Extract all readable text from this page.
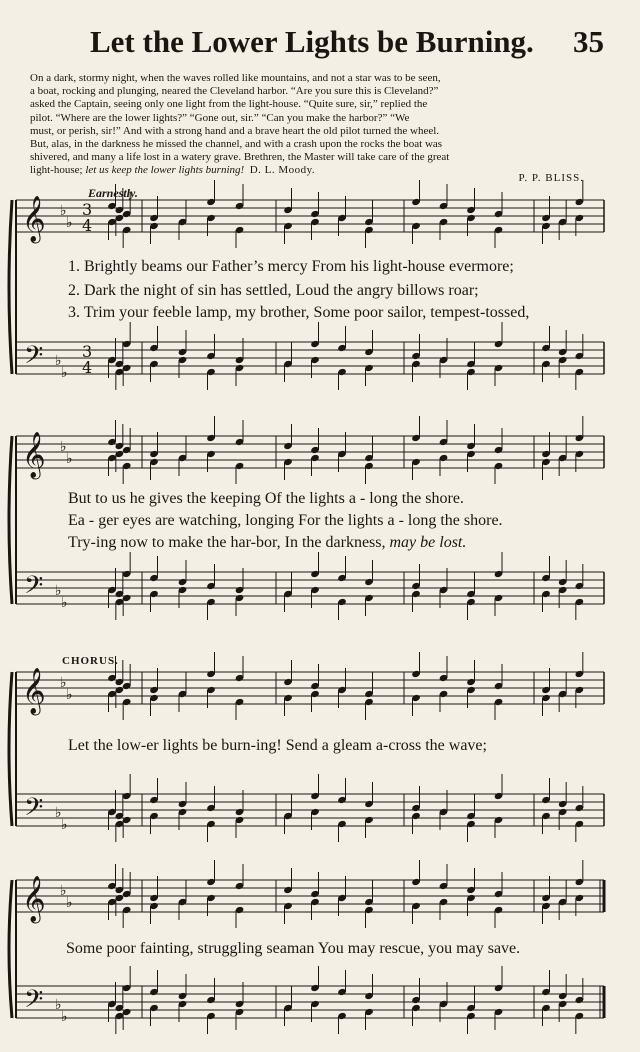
Let the Lower Lights be Burning. 35
On a dark, stormy night, when the waves rolled like mountains, and not a star was to be seen,
a boat, rocking and plunging, neared the Cleveland harbor. “Are you sure this is Cleveland?”
asked the Captain, seeing only one light from the light-house. “Quite sure, sir,” replied the
pilot. “Where are the lower lights?” “Gone out, sir.” “Can you make the harbor?” “We
must, or perish, sir!” And with a strong hand and a brave heart the old pilot turned the wheel.
But, alas, in the darkness he missed the channel, and with a crash upon the rocks the boat was
shivered, and many a life lost in a watery grave. Brethren, the Master will take care of the great
light-house; let us keep the lower lights burning! D. L. Moody.
Earnestly.
P. P. BLISS.
CHORUS.
1. Brightly beams our Father’s mercy From his light-house evermore;
2. Dark the night of sin has settled, Loud the angry billows roar;
3. Trim your feeble lamp, my brother, Some poor sailor, tempest-tossed,
But to us he gives the keeping Of the lights a - long the shore.
Ea - ger eyes are watching, longing For the lights a - long the shore.
Try-ing now to make the har-bor, In the darkness, may be lost.
Let the low-er lights be burn-ing! Send a gleam a-cross the wave;
Some poor fainting, struggling seaman You may rescue, you may save.
𝄞
𝄢
♭
♭
♭
♭
3
4
3
4
𝄞
𝄢
♭
♭
♭
♭
𝄞
𝄢
♭
♭
♭
♭
𝄞
𝄢
♭
♭
♭
♭
